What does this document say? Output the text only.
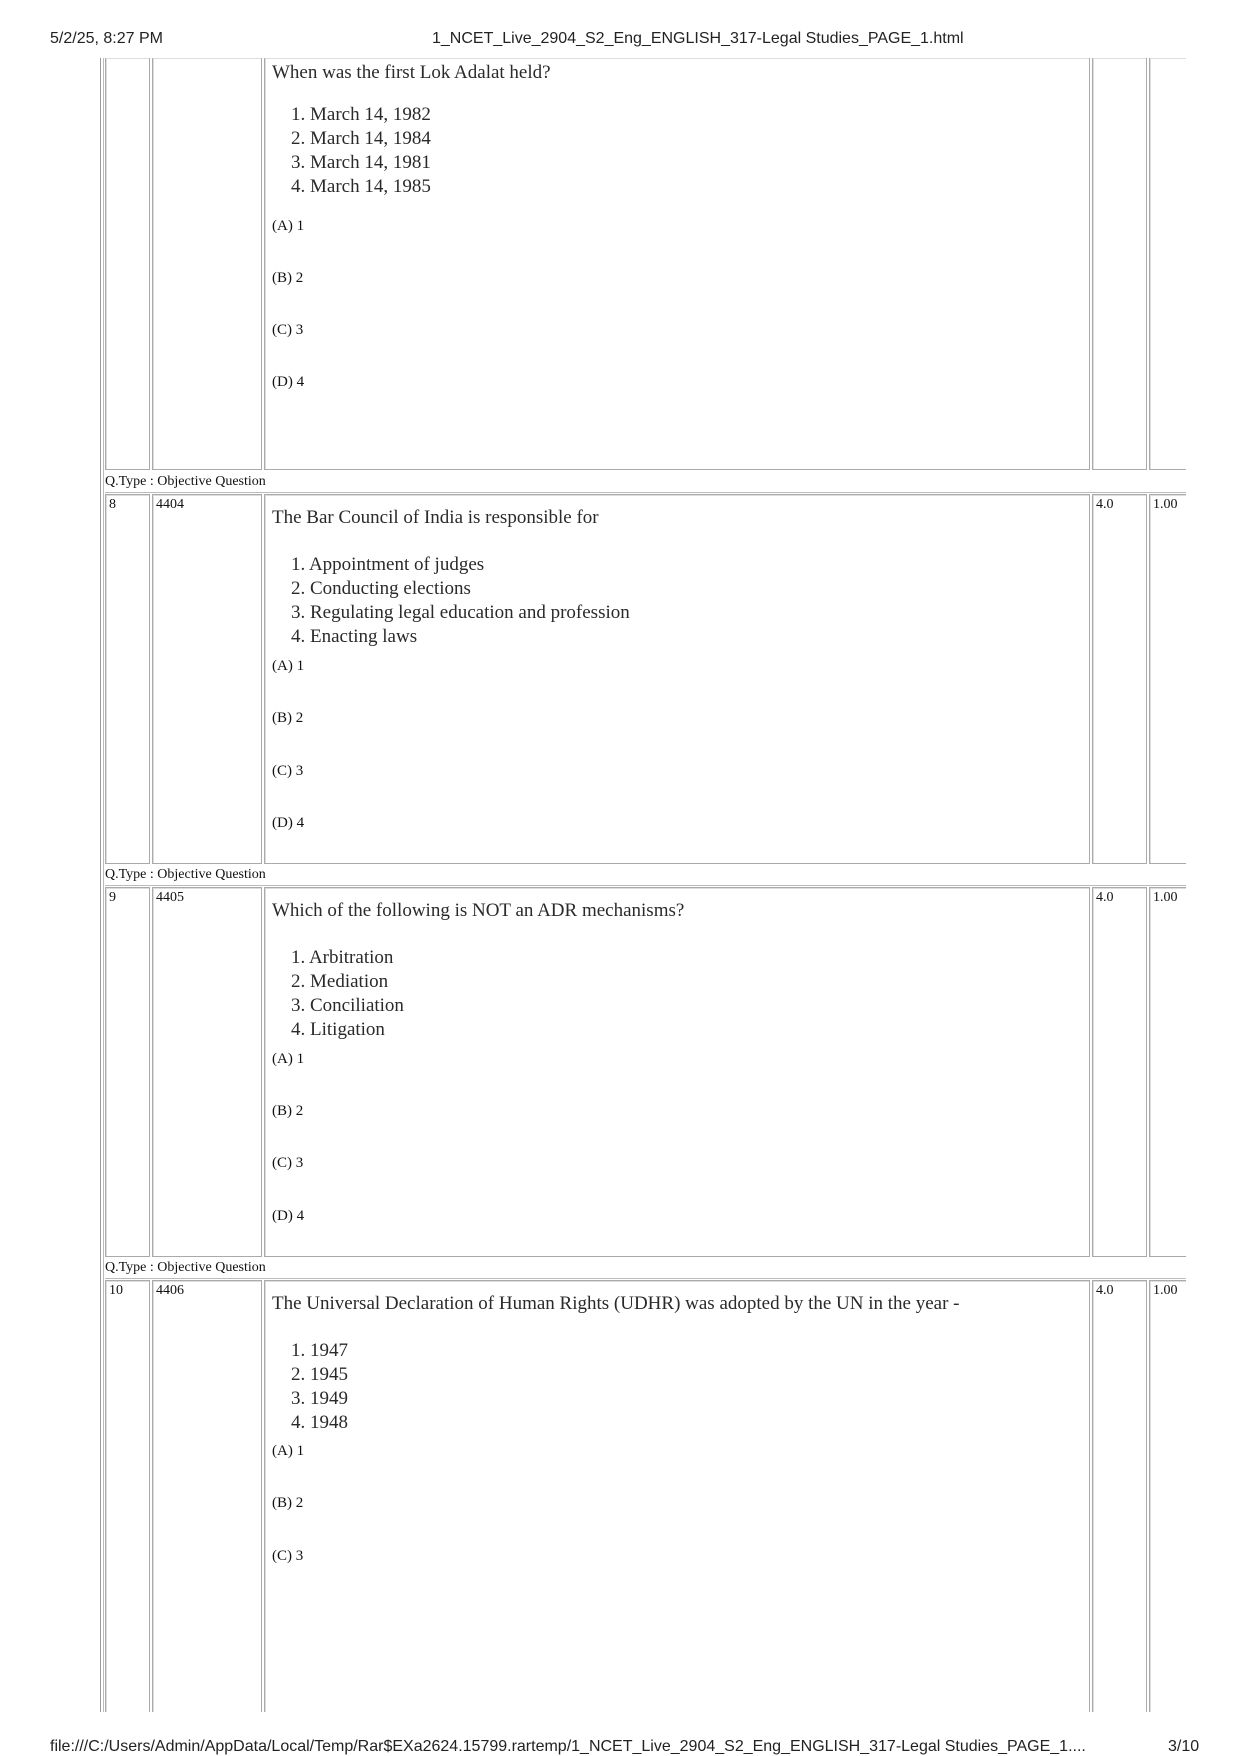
5/2/25, 8:27 PM	1_NCET_Live_2904_S2_Eng_ENGLISH_317-Legal Studies_PAGE_1.html
When was the first Lok Adalat held?
1. March 14, 1982
2. March 14, 1984
3. March 14, 1981
4. March 14, 1985
(A) 1
(B) 2
(C) 3
(D) 4
Q.Type : Objective Question
8	4404
The Bar Council of India is responsible for
1. Appointment of judges
2. Conducting elections
3. Regulating legal education and profession
4. Enacting laws
(A) 1
(B) 2
(C) 3
(D) 4
4.0	1.00
Q.Type : Objective Question
9	4405
Which of the following is NOT an ADR mechanisms?
1. Arbitration
2. Mediation
3. Conciliation
4. Litigation
(A) 1
(B) 2
(C) 3
(D) 4
4.0	1.00
Q.Type : Objective Question
10	4406
The Universal Declaration of Human Rights (UDHR) was adopted by the UN in the year -
1. 1947
2. 1945
3. 1949
4. 1948
(A) 1
(B) 2
(C) 3
4.0	1.00
file:///C:/Users/Admin/AppData/Local/Temp/Rar$EXa2624.15799.rartemp/1_NCET_Live_2904_S2_Eng_ENGLISH_317-Legal Studies_PAGE_1....	3/10
